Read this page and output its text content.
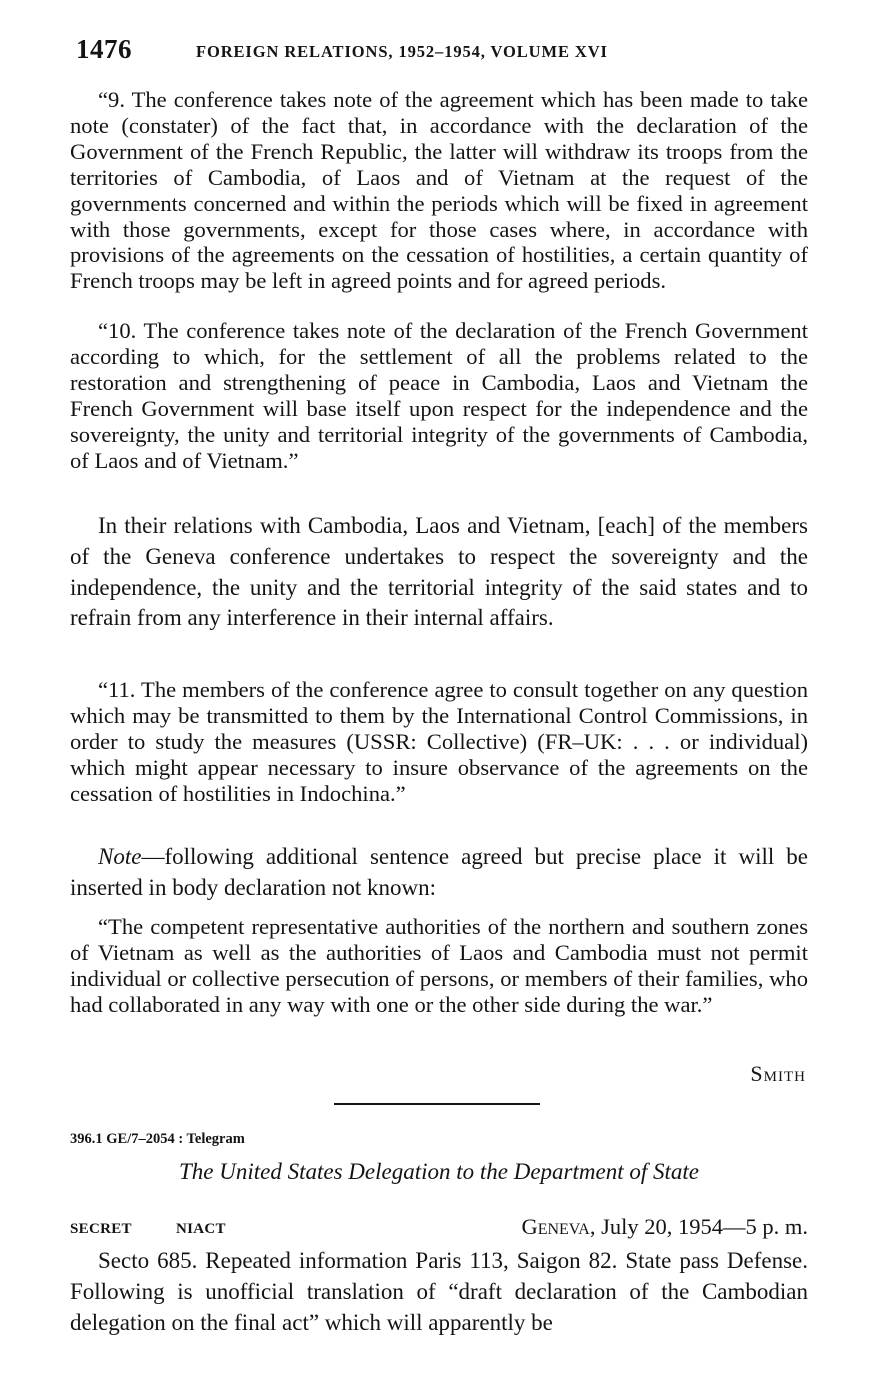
1476	FOREIGN RELATIONS, 1952–1954, VOLUME XVI

“9. The conference takes note of the agreement which has been made to take note (constater) of the fact that, in accordance with the declaration of the Government of the French Republic, the latter will withdraw its troops from the territories of Cambodia, of Laos and of Vietnam at the request of the governments concerned and within the periods which will be fixed in agreement with those governments, except for those cases where, in accordance with provisions of the agreements on the cessation of hostilities, a certain quantity of French troops may be left in agreed points and for agreed periods.

“10. The conference takes note of the declaration of the French Government according to which, for the settlement of all the problems related to the restoration and strengthening of peace in Cambodia, Laos and Vietnam the French Government will base itself upon respect for the independence and the sovereignty, the unity and territorial integrity of the governments of Cambodia, of Laos and of Vietnam.”

In their relations with Cambodia, Laos and Vietnam, [each] of the members of the Geneva conference undertakes to respect the sovereignty and the independence, the unity and the territorial integrity of the said states and to refrain from any interference in their internal affairs.

“11. The members of the conference agree to consult together on any question which may be transmitted to them by the International Control Commissions, in order to study the measures (USSR: Collective) (FR–UK: . . . or individual) which might appear necessary to insure observance of the agreements on the cessation of hostilities in Indochina.”

Note—following additional sentence agreed but precise place it will be inserted in body declaration not known:

“The competent representative authorities of the northern and southern zones of Vietnam as well as the authorities of Laos and Cambodia must not permit individual or collective persecution of persons, or members of their families, who had collaborated in any way with one or the other side during the war.”

Smith
396.1 GE/7–2054 : Telegram
The United States Delegation to the Department of State
SECRET	NIACT	Geneva, July 20, 1954—5 p. m.

Secto 685. Repeated information Paris 113, Saigon 82. State pass Defense. Following is unofficial translation of “draft declaration of the Cambodian delegation on the final act” which will apparently be
